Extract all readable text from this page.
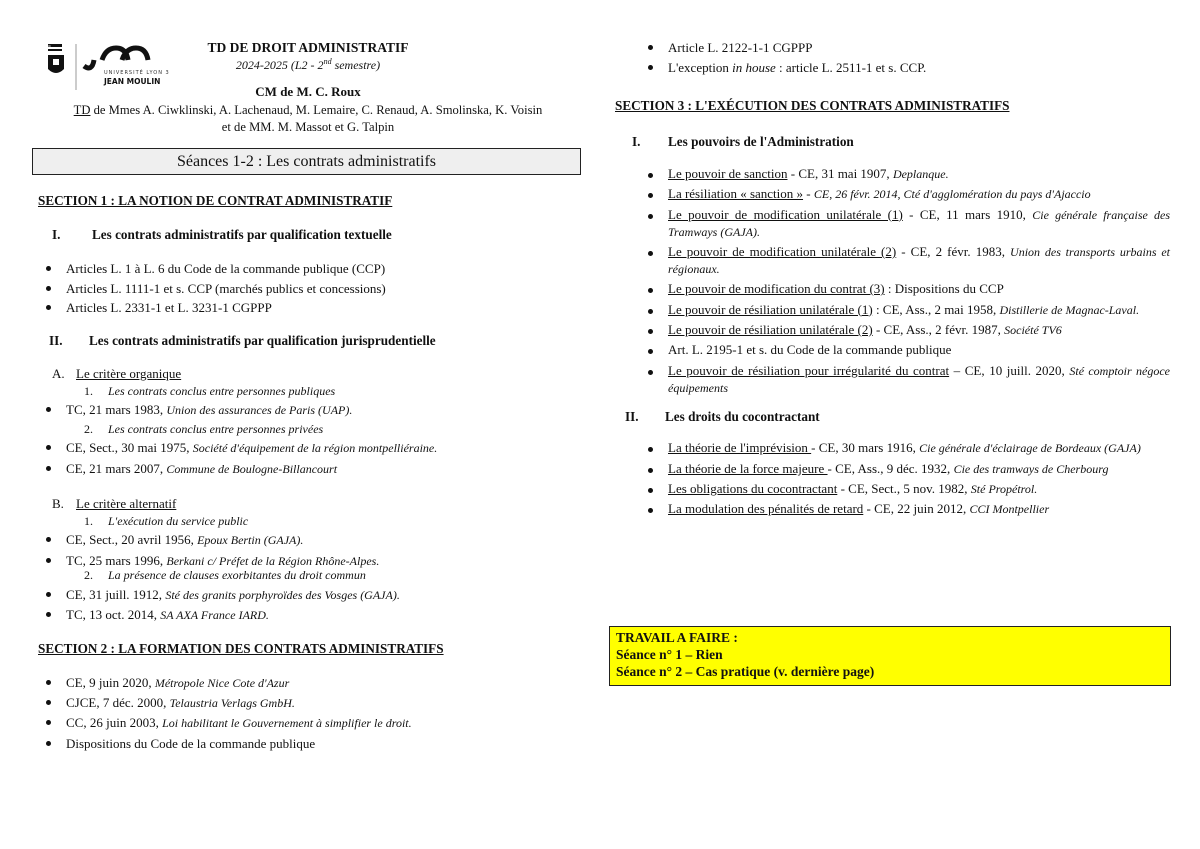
UNIVERSITÉ DE LYON
UNIVERSITÉ LYON 3
JEAN MOULIN
TD DE DROIT ADMINISTRATIF
2024-2025 (L2 - 2nd semestre)
CM de M. C. Roux
TD de Mmes A. Ciwklinski, A. Lachenaud, M. Lemaire, C. Renaud, A. Smolinska, K. Voisin
et de MM. M. Massot et G. Talpin
Séances 1-2 : Les contrats administratifs
SECTION 1 : LA NOTION DE CONTRAT ADMINISTRATIF
I. Les contrats administratifs par qualification textuelle
Articles L. 1 à L. 6 du Code de la commande publique (CCP)
Articles L. 1111-1 et s. CCP (marchés publics et concessions)
Articles L. 2331-1 et L. 3231-1 CGPPP
II. Les contrats administratifs par qualification jurisprudentielle
A. Le critère organique
1. Les contrats conclus entre personnes publiques
TC, 21 mars 1983, Union des assurances de Paris (UAP).
2. Les contrats conclus entre personnes privées
CE, Sect., 30 mai 1975, Société d'équipement de la région montpelliéraine.
CE, 21 mars 2007, Commune de Boulogne-Billancourt
B. Le critère alternatif
1. L'exécution du service public
CE, Sect., 20 avril 1956, Epoux Bertin (GAJA).
TC, 25 mars 1996, Berkani c/ Préfet de la Région Rhône-Alpes.
2. La présence de clauses exorbitantes du droit commun
CE, 31 juill. 1912, Sté des granits porphyroïdes des Vosges (GAJA).
TC, 13 oct. 2014, SA AXA France IARD.
SECTION 2 : LA FORMATION DES CONTRATS ADMINISTRATIFS
CE, 9 juin 2020, Métropole Nice Cote d'Azur
CJCE, 7 déc. 2000, Telaustria Verlags GmbH.
CC, 26 juin 2003, Loi habilitant le Gouvernement à simplifier le droit.
Dispositions du Code de la commande publique
Article L. 2122-1-1 CGPPP
L'exception in house : article L. 2511-1 et s. CCP.
SECTION 3 : L'EXÉCUTION DES CONTRATS ADMINISTRATIFS
I. Les pouvoirs de l'Administration
Le pouvoir de sanction - CE, 31 mai 1907, Deplanque.
La résiliation « sanction » - CE, 26 févr. 2014, Cté d'agglomération du pays d'Ajaccio
Le pouvoir de modification unilatérale (1) - CE, 11 mars 1910, Cie générale française des Tramways (GAJA).
Le pouvoir de modification unilatérale (2) - CE, 2 févr. 1983, Union des transports urbains et régionaux.
Le pouvoir de modification du contrat (3) : Dispositions du CCP
Le pouvoir de résiliation unilatérale (1) : CE, Ass., 2 mai 1958, Distillerie de Magnac-Laval.
Le pouvoir de résiliation unilatérale (2) - CE, Ass., 2 févr. 1987, Société TV6
Art. L. 2195-1 et s. du Code de la commande publique
Le pouvoir de résiliation pour irrégularité du contrat – CE, 10 juill. 2020, Sté comptoir négoce équipements
II. Les droits du cocontractant
La théorie de l'imprévision - CE, 30 mars 1916, Cie générale d'éclairage de Bordeaux (GAJA)
La théorie de la force majeure - CE, Ass., 9 déc. 1932, Cie des tramways de Cherbourg
Les obligations du cocontractant - CE, Sect., 5 nov. 1982, Sté Propétrol.
La modulation des pénalités de retard - CE, 22 juin 2012, CCI Montpellier
TRAVAIL A FAIRE :
Séance n° 1 – Rien
Séance n° 2 – Cas pratique (v. dernière page)
